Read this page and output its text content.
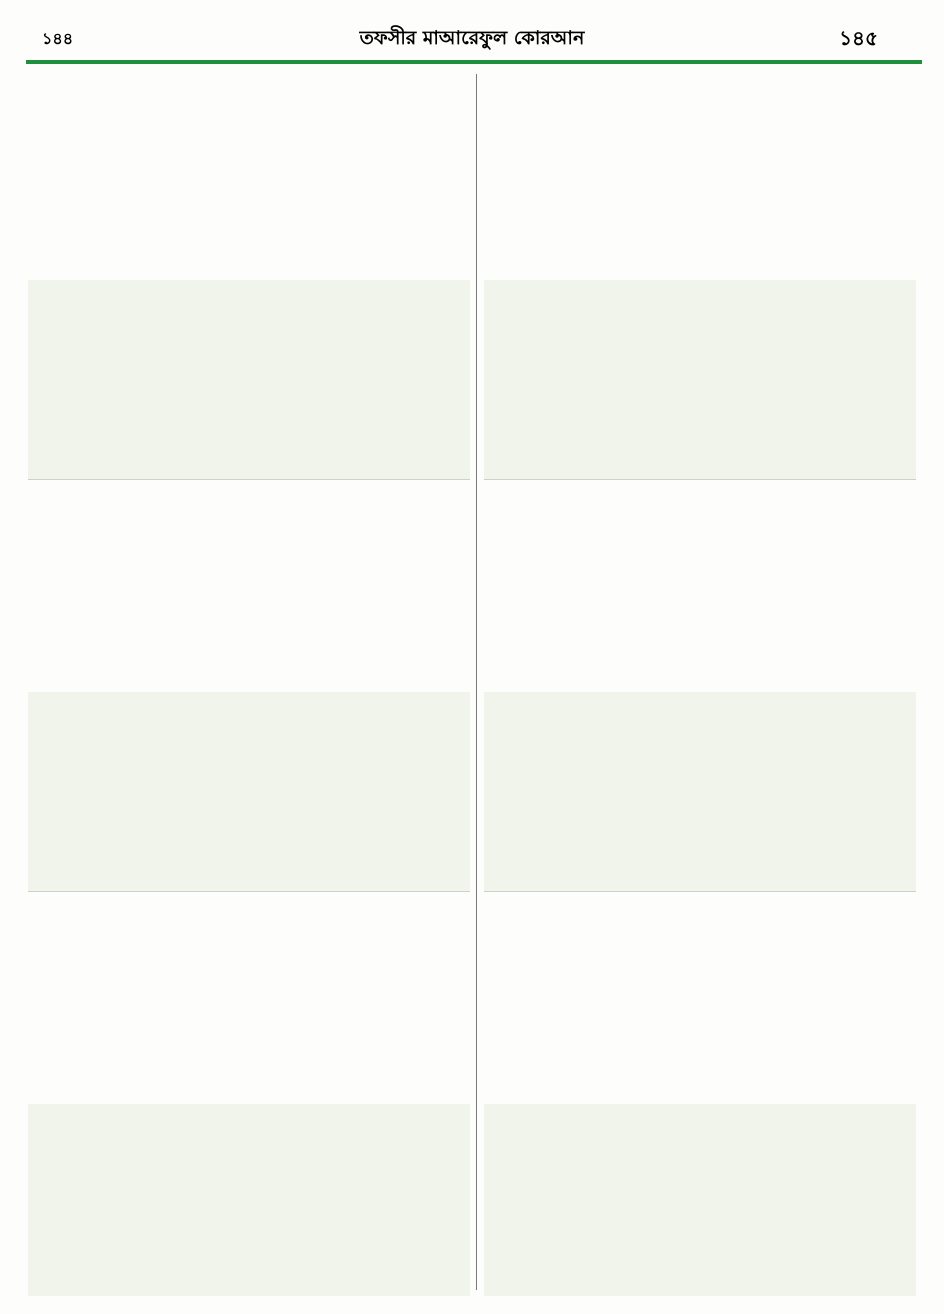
১৪৪	তফসীর মাআরেফুল কোরআন	১৪৫
